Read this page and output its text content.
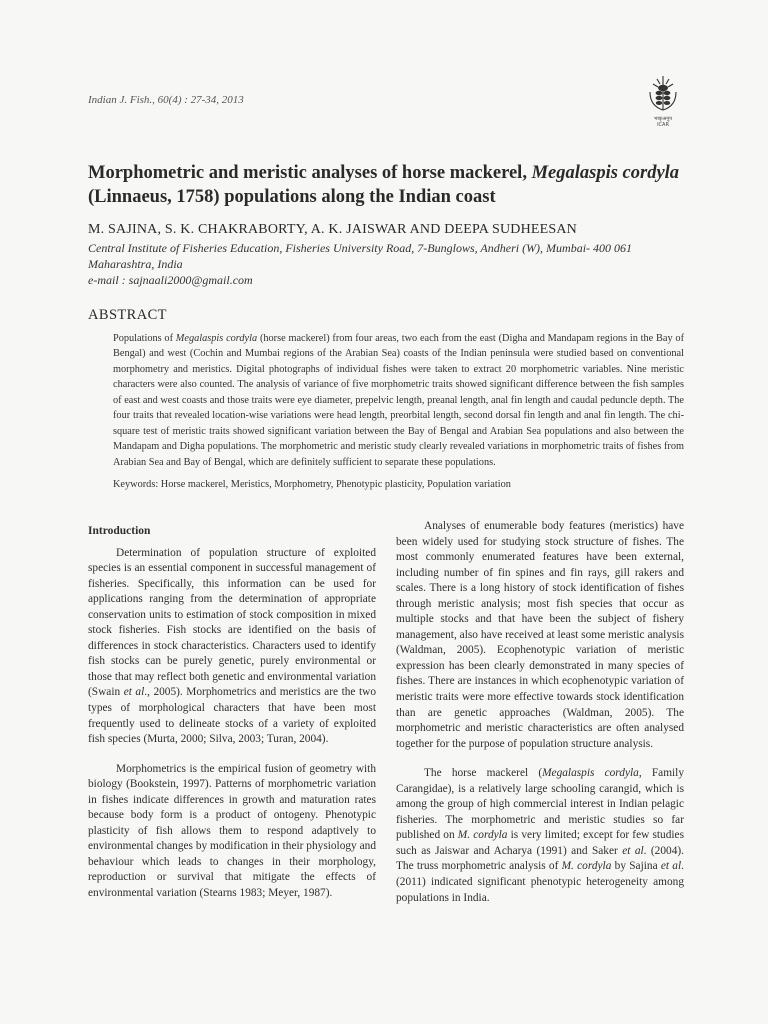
Indian J. Fish., 60(4) : 27-34, 2013
भाकृअनुप
ICAR
Morphometric and meristic analyses of horse mackerel, Megalaspis cordyla (Linnaeus, 1758) populations along the Indian coast
M. SAJINA, S. K. CHAKRABORTY, A. K. JAISWAR AND DEEPA SUDHEESAN
Central Institute of Fisheries Education, Fisheries University Road, 7-Bunglows, Andheri (W), Mumbai- 400 061
Maharashtra, India
e-mail : sajnaali2000@gmail.com
ABSTRACT

Populations of Megalaspis cordyla (horse mackerel) from four areas, two each from the east (Digha and Mandapam regions in the Bay of Bengal) and west (Cochin and Mumbai regions of the Arabian Sea) coasts of the Indian peninsula were studied based on conventional morphometry and meristics. Digital photographs of individual fishes were taken to extract 20 morphometric variables. Nine meristic characters were also counted. The analysis of variance of five morphometric traits showed significant difference between the fish samples of east and west coasts and those traits were eye diameter, prepelvic length, preanal length, anal fin length and caudal peduncle depth. The four traits that revealed location-wise variations were head length, preorbital length, second dorsal fin length and anal fin length. The chi-square test of meristic traits showed significant variation between the Bay of Bengal and Arabian Sea populations and also between the Mandapam and Digha populations. The morphometric and meristic study clearly revealed variations in morphometric traits of fishes from Arabian Sea and Bay of Bengal, which are definitely sufficient to separate these populations.

Keywords: Horse mackerel, Meristics, Morphometry, Phenotypic plasticity, Population variation
Introduction

Determination of population structure of exploited species is an essential component in successful management of fisheries. Specifically, this information can be used for applications ranging from the determination of appropriate conservation units to estimation of stock composition in mixed stock fisheries. Fish stocks are identified on the basis of differences in stock characteristics. Characters used to identify fish stocks can be purely genetic, purely environmental or those that may reflect both genetic and environmental variation (Swain et al., 2005). Morphometrics and meristics are the two types of morphological characters that have been most frequently used to delineate stocks of a variety of exploited fish species (Murta, 2000; Silva, 2003; Turan, 2004).

Morphometrics is the empirical fusion of geometry with biology (Bookstein, 1997). Patterns of morphometric variation in fishes indicate differences in growth and maturation rates because body form is a product of ontogeny. Phenotypic plasticity of fish allows them to respond adaptively to environmental changes by modification in their physiology and behaviour which leads to changes in their morphology, reproduction or survival that mitigate the effects of environmental variation (Stearns 1983; Meyer, 1987).

Analyses of enumerable body features (meristics) have been widely used for studying stock structure of fishes. The most commonly enumerated features have been external, including number of fin spines and fin rays, gill rakers and scales. There is a long history of stock identification of fishes through meristic analysis; most fish species that occur as multiple stocks and that have been the subject of fishery management, also have received at least some meristic analysis (Waldman, 2005). Ecophenotypic variation of meristic expression has been clearly demonstrated in many species of fishes. There are instances in which ecophenotypic variation of meristic traits were more effective towards stock identification than are genetic approaches (Waldman, 2005). The morphometric and meristic characteristics are often analysed together for the purpose of population structure analysis.

The horse mackerel (Megalaspis cordyla, Family Carangidae), is a relatively large schooling carangid, which is among the group of high commercial interest in Indian pelagic fisheries. The morphometric and meristic studies so far published on M. cordyla is very limited; except for few studies such as Jaiswar and Acharya (1991) and Saker et al. (2004). The truss morphometric analysis of M. cordyla by Sajina et al. (2011) indicated significant phenotypic heterogeneity among populations in India.
